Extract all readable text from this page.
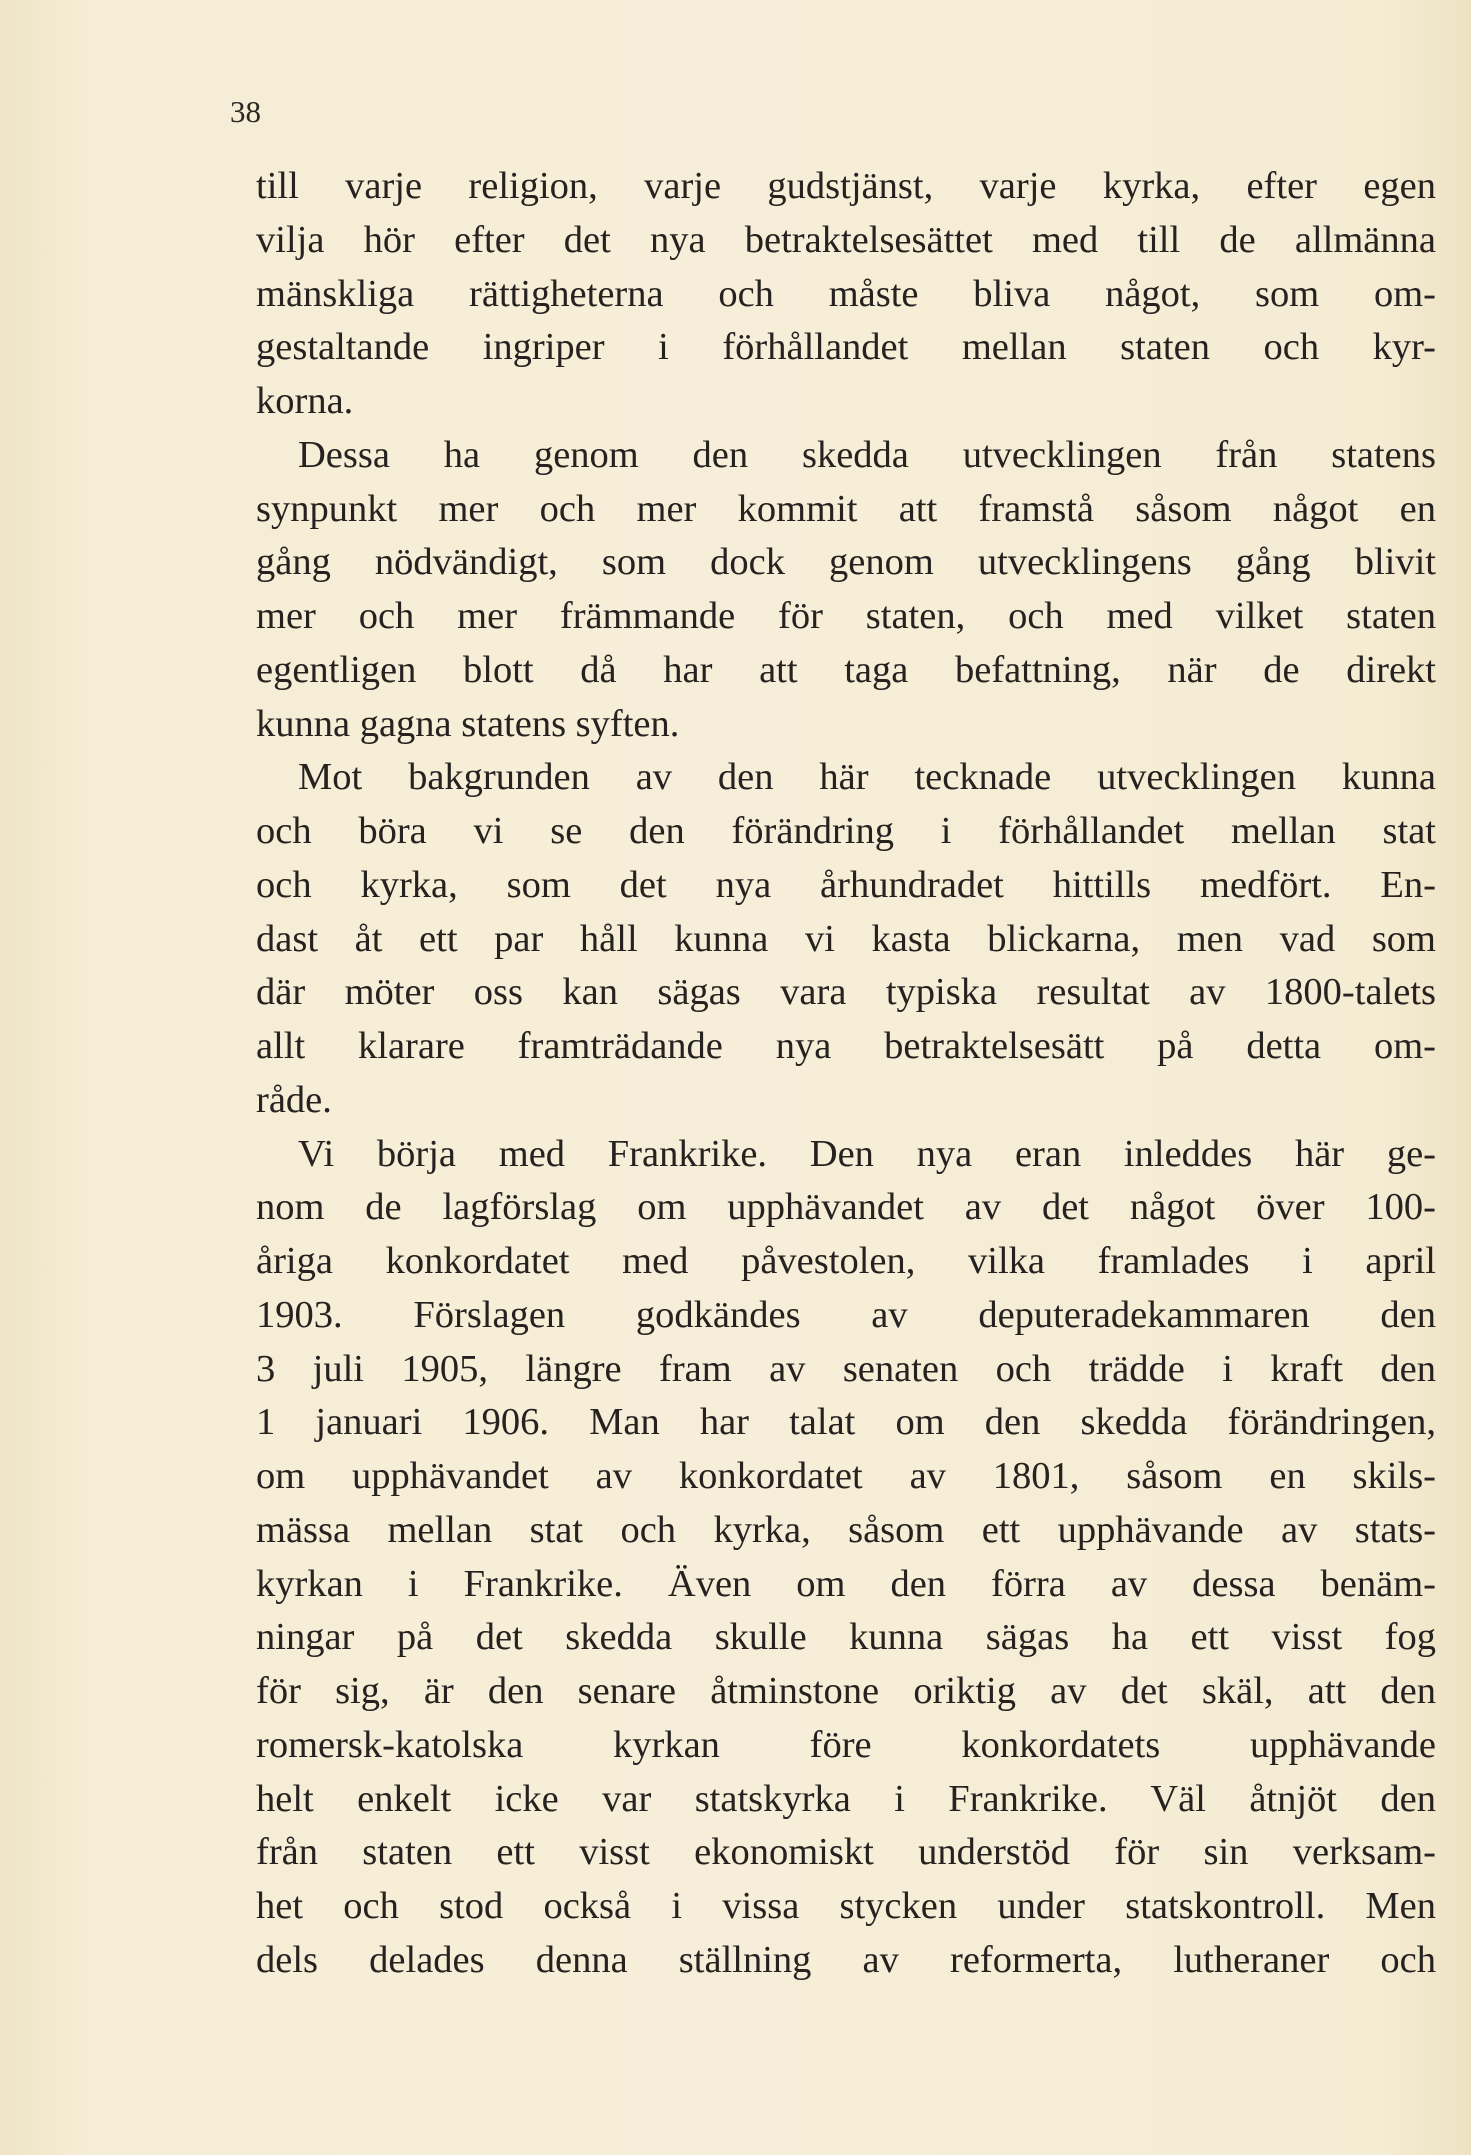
38
till varje religion, varje gudstjänst, varje kyrka, efter egen
vilja hör efter det nya betraktelsesättet med till de allmänna
mänskliga rättigheterna och måste bliva något, som om-
gestaltande ingriper i förhållandet mellan staten och kyr-
korna.
Dessa ha genom den skedda utvecklingen från statens
synpunkt mer och mer kommit att framstå såsom något en
gång nödvändigt, som dock genom utvecklingens gång blivit
mer och mer främmande för staten, och med vilket staten
egentligen blott då har att taga befattning, när de direkt
kunna gagna statens syften.
Mot bakgrunden av den här tecknade utvecklingen kunna
och böra vi se den förändring i förhållandet mellan stat
och kyrka, som det nya århundradet hittills medfört. En-
dast åt ett par håll kunna vi kasta blickarna, men vad som
där möter oss kan sägas vara typiska resultat av 1800-talets
allt klarare framträdande nya betraktelsesätt på detta om-
råde.
Vi börja med Frankrike. Den nya eran inleddes här ge-
nom de lagförslag om upphävandet av det något över 100-
åriga konkordatet med påvestolen, vilka framlades i april
1903. Förslagen godkändes av deputeradekammaren den
3 juli 1905, längre fram av senaten och trädde i kraft den
1 januari 1906. Man har talat om den skedda förändringen,
om upphävandet av konkordatet av 1801, såsom en skils-
mässa mellan stat och kyrka, såsom ett upphävande av stats-
kyrkan i Frankrike. Även om den förra av dessa benäm-
ningar på det skedda skulle kunna sägas ha ett visst fog
för sig, är den senare åtminstone oriktig av det skäl, att den
romersk-katolska kyrkan före konkordatets upphävande
helt enkelt icke var statskyrka i Frankrike. Väl åtnjöt den
från staten ett visst ekonomiskt understöd för sin verksam-
het och stod också i vissa stycken under statskontroll. Men
dels delades denna ställning av reformerta, lutheraner och
